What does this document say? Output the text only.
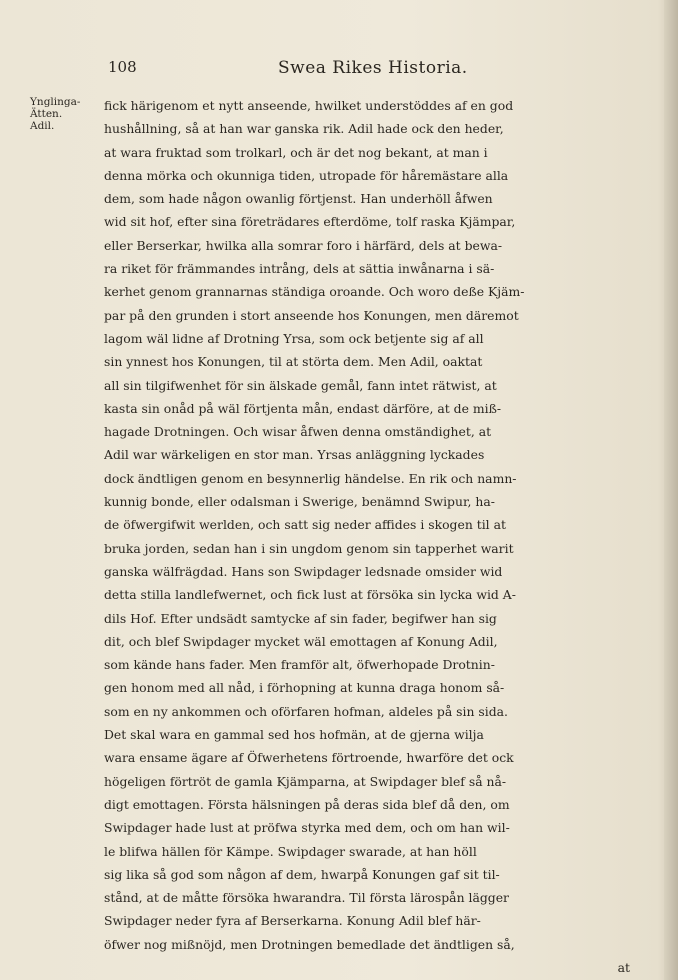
108	Swea Rikes Historia.
Ynglinga-
Ätten.
Adil.
fick härigenom et nytt anseende, hwilket understöddes af en god
hushållning, så at han war ganska rik. Adil hade ock den heder,
at wara fruktad som trolkarl, och är det nog bekant, at man i
denna mörka och okunniga tiden, utropade för håremästare alla
dem, som hade någon owanlig förtjenst. Han underhöll åfwen
wid sit hof, efter sina företrädares efterdöme, tolf raska Kjämpar,
eller Berserkar, hwilka alla somrar foro i härfärd, dels at bewa-
ra riket för främmandes intrång, dels at sättia inwånarna i sä-
kerhet genom grannarnas ständiga oroande. Och woro deße Kjäm-
par på den grunden i stort anseende hos Konungen, men däremot
lagom wäl lidne af Drotning Yrsa, som ock betjente sig af all
sin ynnest hos Konungen, til at störta dem. Men Adil, oaktat
all sin tilgifwenhet för sin älskade gemål, fann intet rätwist, at
kasta sin onåd på wäl förtjenta mån, endast därföre, at de miß-
hagade Drotningen. Och wisar åfwen denna omständighet, at
Adil war wärkeligen en stor man. Yrsas anläggning lyckades
dock ändtligen genom en besynnerlig händelse. En rik och namn-
kunnig bonde, eller odalsman i Swerige, benämnd Swipur, ha-
de öfwergifwit werlden, och satt sig neder affides i skogen til at
bruka jorden, sedan han i sin ungdom genom sin tapperhet warit
ganska wälfrägdad. Hans son Swipdager ledsnade omsider wid
detta stilla landlefwernet, och fick lust at försöka sin lycka wid A-
dils Hof. Efter undsädt samtycke af sin fader, begifwer han sig
dit, och blef Swipdager mycket wäl emottagen af Konung Adil,
som kände hans fader. Men framför alt, öfwerhopade Drotnin-
gen honom med all nåd, i förhopning at kunna draga honom så-
som en ny ankommen och oförfaren hofman, aldeles på sin sida.
Det skal wara en gammal sed hos hofmän, at de gjerna wilja
wara ensame ägare af Öfwerhetens förtroende, hwarföre det ock
högeligen förtröt de gamla Kjämparna, at Swipdager blef så nå-
digt emottagen. Första hälsningen på deras sida blef då den, om
Swipdager hade lust at pröfwa styrka med dem, och om han wil-
le blifwa hällen för Kämpe. Swipdager swarade, at han höll
sig lika så god som någon af dem, hwarpå Konungen gaf sit til-
stånd, at de måtte försöka hwarandra. Til första lärospån lägger
Swipdager neder fyra af Berserkarna. Konung Adil blef här-
öfwer nog mißnöjd, men Drotningen bemedlade det ändtligen så,
at
